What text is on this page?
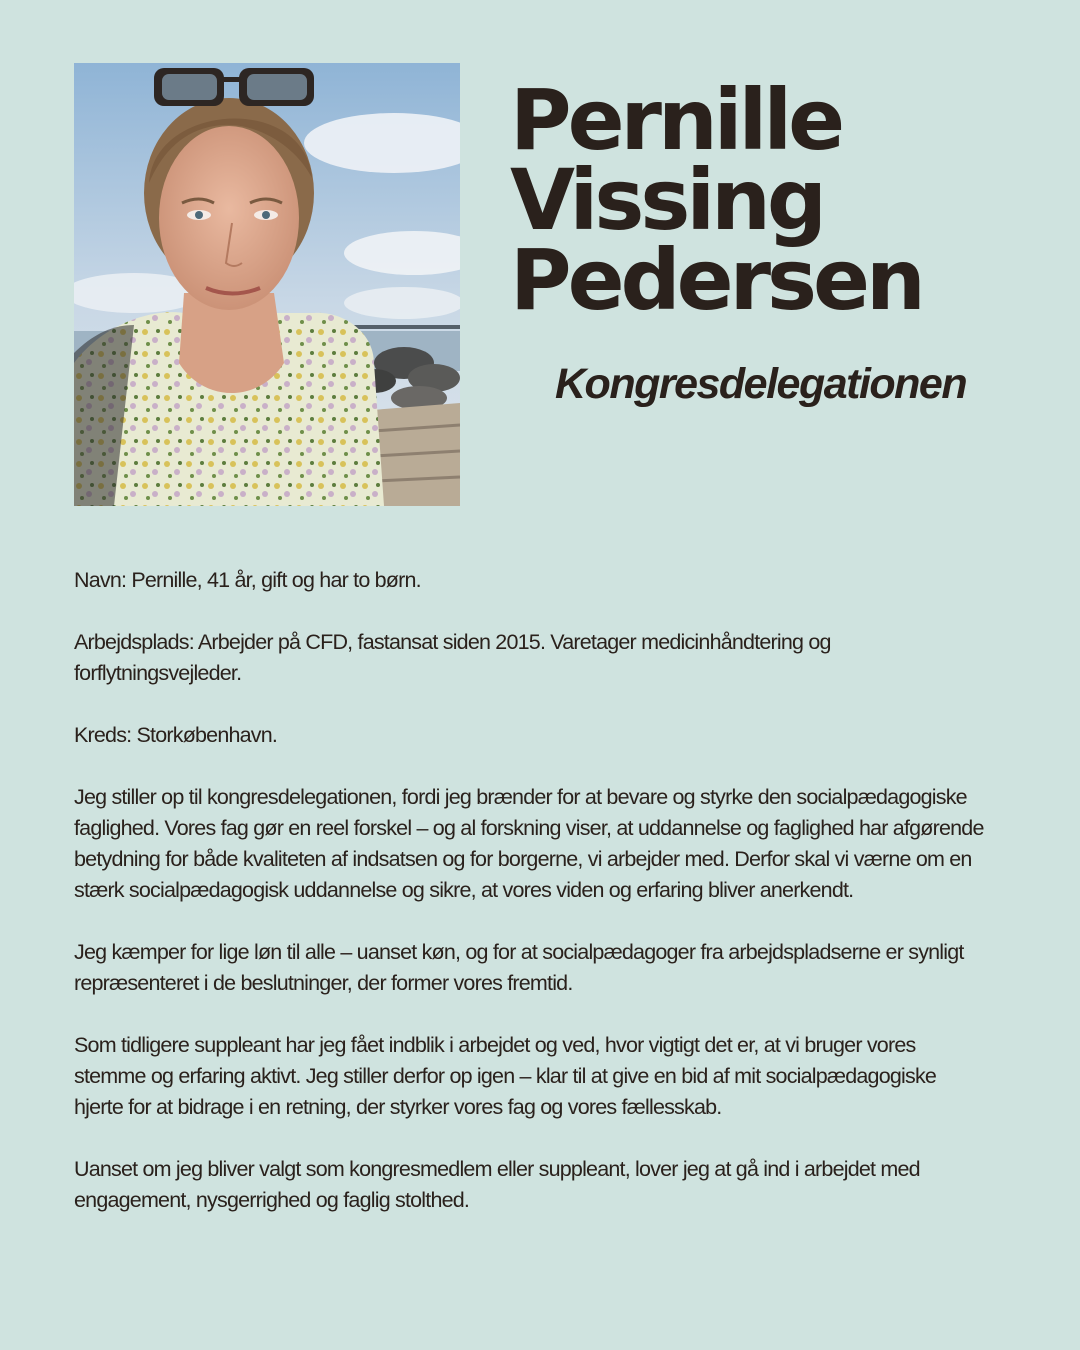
Pernille
Vissing
Pedersen
Kongresdelegationen

Navn: Pernille, 41 år, gift og har to børn.

Arbejdsplads: Arbejder på CFD, fastansat siden 2015. Varetager medicinhåndtering og forflytningsvejleder.

Kreds: Storkøbenhavn.

Jeg stiller op til kongresdelegationen, fordi jeg brænder for at bevare og styrke den socialpædagogiske faglighed. Vores fag gør en reel forskel – og al forskning viser, at uddannelse og faglighed har afgørende betydning for både kvaliteten af indsatsen og for borgerne, vi arbejder med. Derfor skal vi værne om en stærk socialpædagogisk uddannelse og sikre, at vores viden og erfaring bliver anerkendt.

Jeg kæmper for lige løn til alle – uanset køn, og for at socialpædagoger fra arbejdspladserne er synligt repræsenteret i de beslutninger, der former vores fremtid.

Som tidligere suppleant har jeg fået indblik i arbejdet og ved, hvor vigtigt det er, at vi bruger vores stemme og erfaring aktivt. Jeg stiller derfor op igen – klar til at give en bid af mit socialpædagogiske hjerte for at bidrage i en retning, der styrker vores fag og vores fællesskab.

Uanset om jeg bliver valgt som kongresmedlem eller suppleant, lover jeg at gå ind i arbejdet med engagement, nysgerrighed og faglig stolthed.
